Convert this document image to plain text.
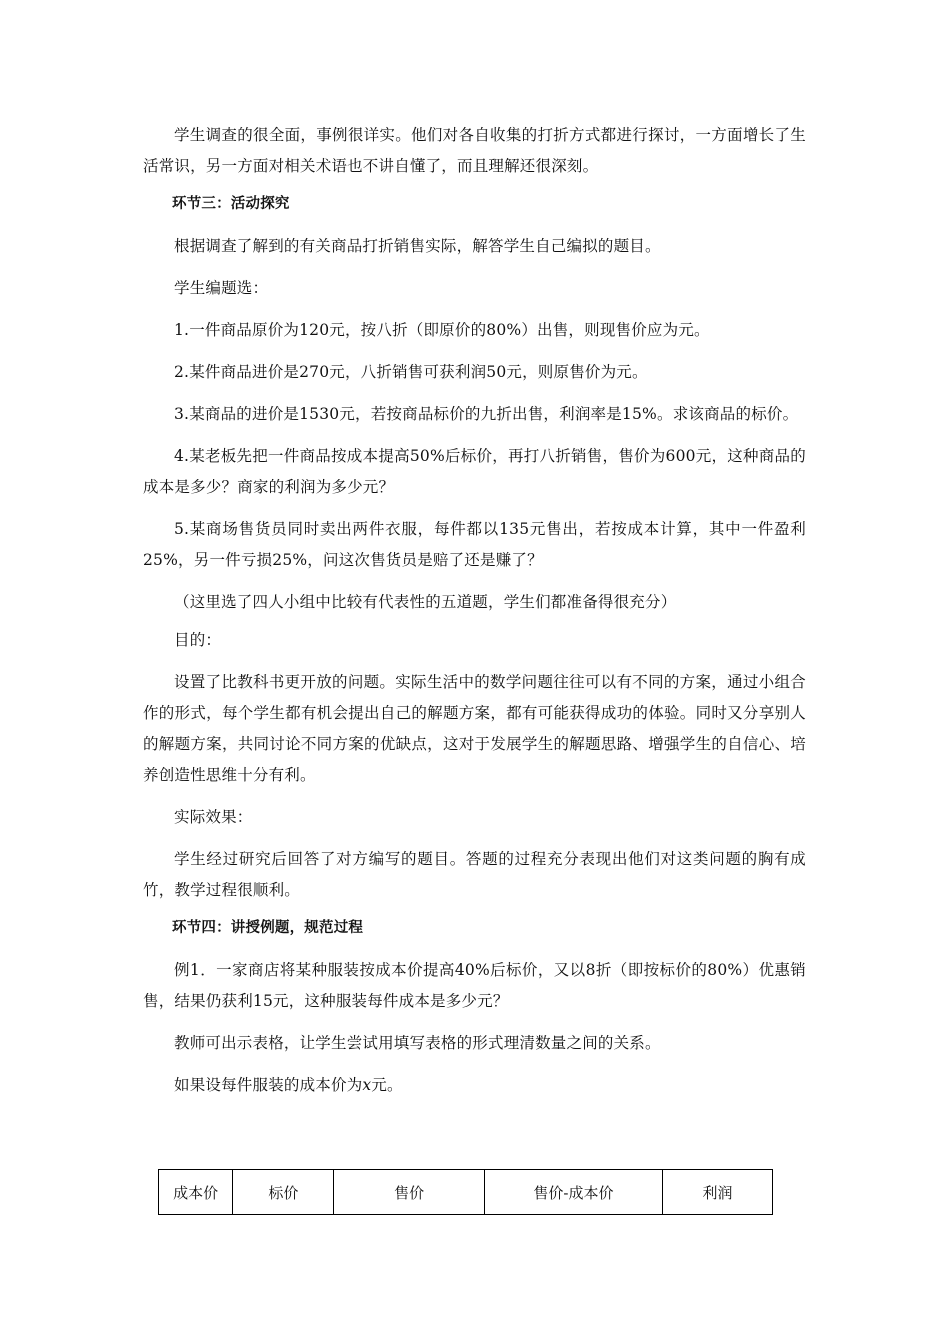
学生调查的很全面，事例很详实。他们对各自收集的打折方式都进行探讨，一方面增长了生活常识，另一方面对相关术语也不讲自懂了，而且理解还很深刻。

环节三：活动探究

根据调查了解到的有关商品打折销售实际，解答学生自己编拟的题目。

学生编题选：

1.一件商品原价为120元，按八折（即原价的80%）出售，则现售价应为元。

2.某件商品进价是270元，八折销售可获利润50元，则原售价为元。

3.某商品的进价是1530元，若按商品标价的九折出售，利润率是15%。求该商品的标价。

4.某老板先把一件商品按成本提高50%后标价，再打八折销售，售价为600元，这种商品的成本是多少？商家的利润为多少元？

5.某商场售货员同时卖出两件衣服，每件都以135元售出，若按成本计算，其中一件盈利25%，另一件亏损25%，问这次售货员是赔了还是赚了？

（这里选了四人小组中比较有代表性的五道题，学生们都准备得很充分）

目的：

设置了比教科书更开放的问题。实际生活中的数学问题往往可以有不同的方案，通过小组合作的形式，每个学生都有机会提出自己的解题方案，都有可能获得成功的体验。同时又分享别人的解题方案，共同讨论不同方案的优缺点，这对于发展学生的解题思路、增强学生的自信心、培养创造性思维十分有利。

实际效果：

学生经过研究后回答了对方编写的题目。答题的过程充分表现出他们对这类问题的胸有成竹，教学过程很顺利。

环节四：讲授例题，规范过程

例1．一家商店将某种服装按成本价提高40%后标价，又以8折（即按标价的80%）优惠销售，结果仍获利15元，这种服装每件成本是多少元？

教师可出示表格，让学生尝试用填写表格的形式理清数量之间的关系。

如果设每件服装的成本价为x元。

成本价	标价	售价	售价-成本价	利润
